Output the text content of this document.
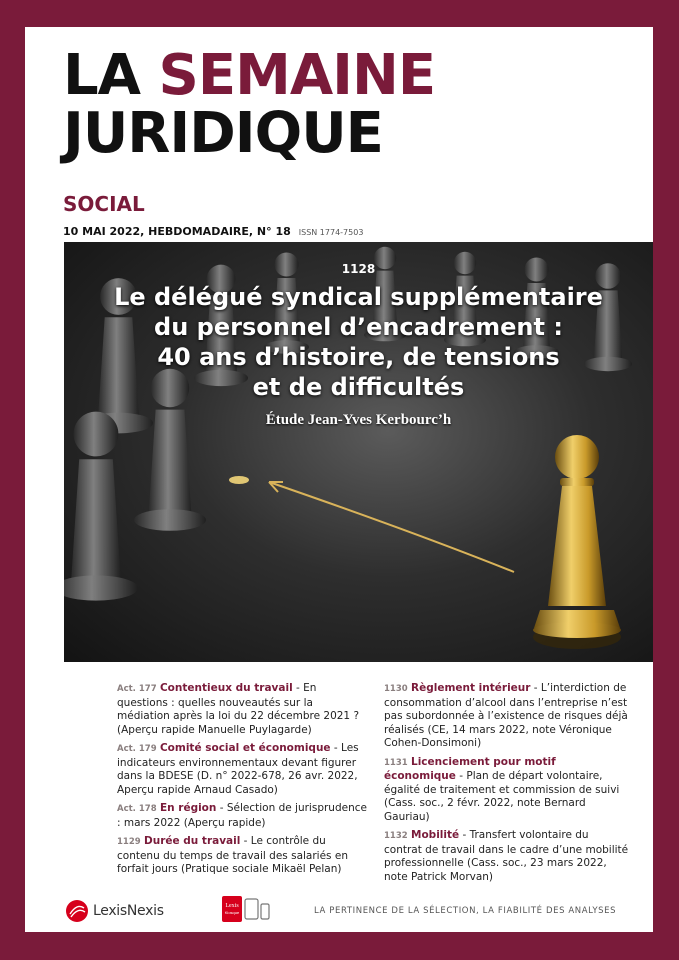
LA SEMAINE
JURIDIQUE
SOCIAL
10 MAI 2022, HEBDOMADAIRE, N° 18 ISSN 1774-7503
1128
Le délégué syndical supplémentaire
du personnel d’encadrement :
40 ans d’histoire, de tensions
et de difficultés
Étude Jean-Yves Kerbourc’h
Act. 177 Contentieux du travail - En questions : quelles nouveautés sur la médiation après la loi du 22 décembre 2021 ? (Aperçu rapide Manuelle Puylagarde)
Act. 179 Comité social et économique - Les indicateurs environnementaux devant figurer dans la BDESE (D. n° 2022-678, 26 avr. 2022, Aperçu rapide Arnaud Casado)
Act. 178 En région - Sélection de jurisprudence : mars 2022 (Aperçu rapide)
1129 Durée du travail - Le contrôle du contenu du temps de travail des salariés en forfait jours (Pratique sociale Mikaël Pelan)
1130 Règlement intérieur - L’interdiction de consommation d’alcool dans l’entreprise n’est pas subordonnée à l’existence de risques déjà réalisés (CE, 14 mars 2022, note Véronique Cohen-Donsimoni)
1131 Licenciement pour motif économique - Plan de départ volontaire, égalité de traitement et commission de suivi (Cass. soc., 2 févr. 2022, note Bernard Gauriau)
1132 Mobilité - Transfert volontaire du contrat de travail dans le cadre d’une mobilité professionnelle (Cass. soc., 23 mars 2022, note Patrick Morvan)
LexisNexis	Lexis
Kiosque	LA PERTINENCE DE LA SÉLECTION, LA FIABILITÉ DES ANALYSES
